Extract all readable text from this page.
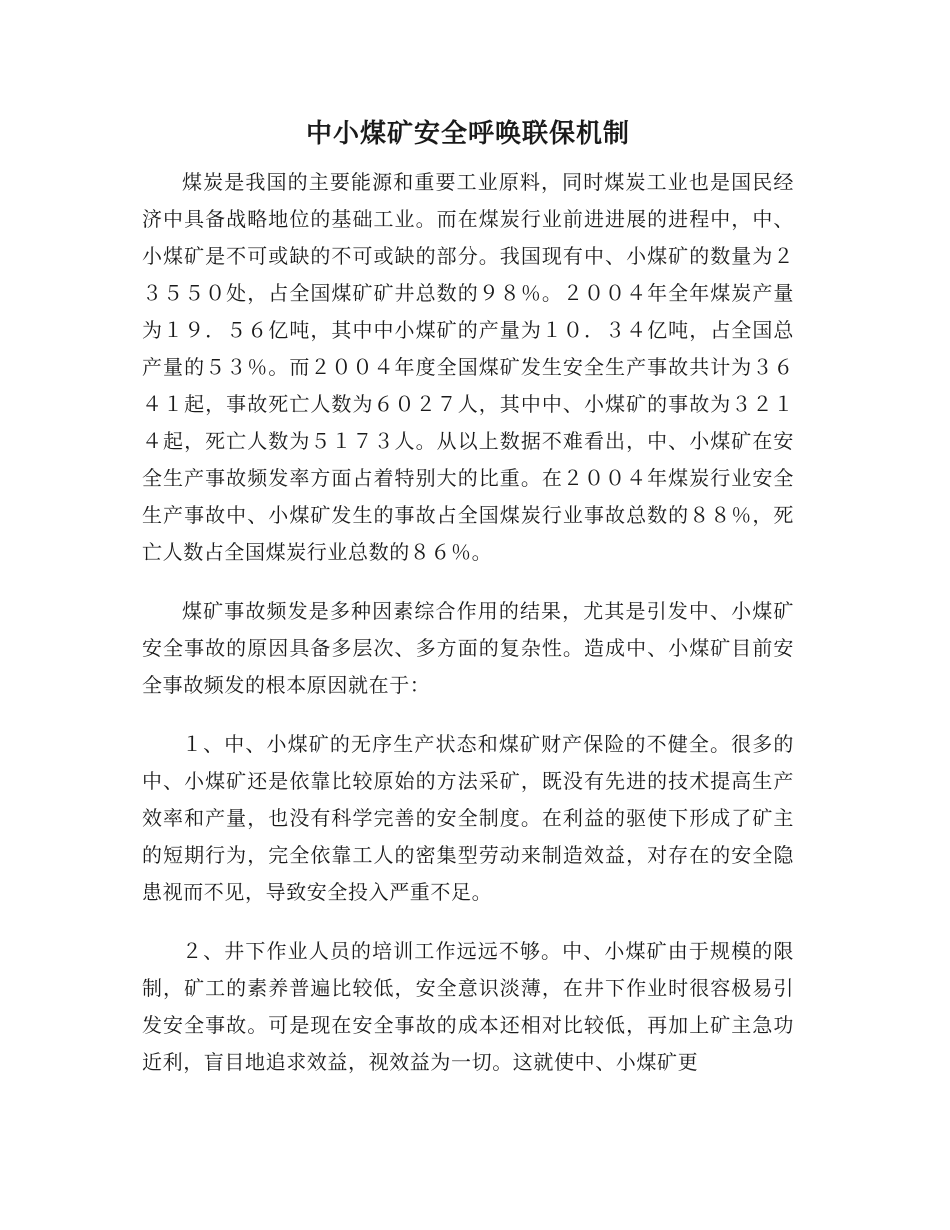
中小煤矿安全呼唤联保机制

煤炭是我国的主要能源和重要工业原料，同时煤炭工业也是国民经济中具备战略地位的基础工业。而在煤炭行业前进进展的进程中，中、小煤矿是不可或缺的不可或缺的部分。我国现有中、小煤矿的数量为２３５５０处，占全国煤矿矿井总数的９８％。２００４年全年煤炭产量为１９．５６亿吨，其中中小煤矿的产量为１０．３４亿吨，占全国总产量的５３％。而２００４年度全国煤矿发生安全生产事故共计为３６４１起，事故死亡人数为６０２７人，其中中、小煤矿的事故为３２１４起，死亡人数为５１７３人。从以上数据不难看出，中、小煤矿在安全生产事故频发率方面占着特别大的比重。在２００４年煤炭行业安全生产事故中、小煤矿发生的事故占全国煤炭行业事故总数的８８％，死亡人数占全国煤炭行业总数的８６％。

煤矿事故频发是多种因素综合作用的结果，尤其是引发中、小煤矿安全事故的原因具备多层次、多方面的复杂性。造成中、小煤矿目前安全事故频发的根本原因就在于：

１、中、小煤矿的无序生产状态和煤矿财产保险的不健全。很多的中、小煤矿还是依靠比较原始的方法采矿，既没有先进的技术提高生产效率和产量，也没有科学完善的安全制度。在利益的驱使下形成了矿主的短期行为，完全依靠工人的密集型劳动来制造效益，对存在的安全隐患视而不见，导致安全投入严重不足。

２、井下作业人员的培训工作远远不够。中、小煤矿由于规模的限制，矿工的素养普遍比较低，安全意识淡薄，在井下作业时很容极易引发安全事故。可是现在安全事故的成本还相对比较低，再加上矿主急功近利，盲目地追求效益，视效益为一切。这就使中、小煤矿更
